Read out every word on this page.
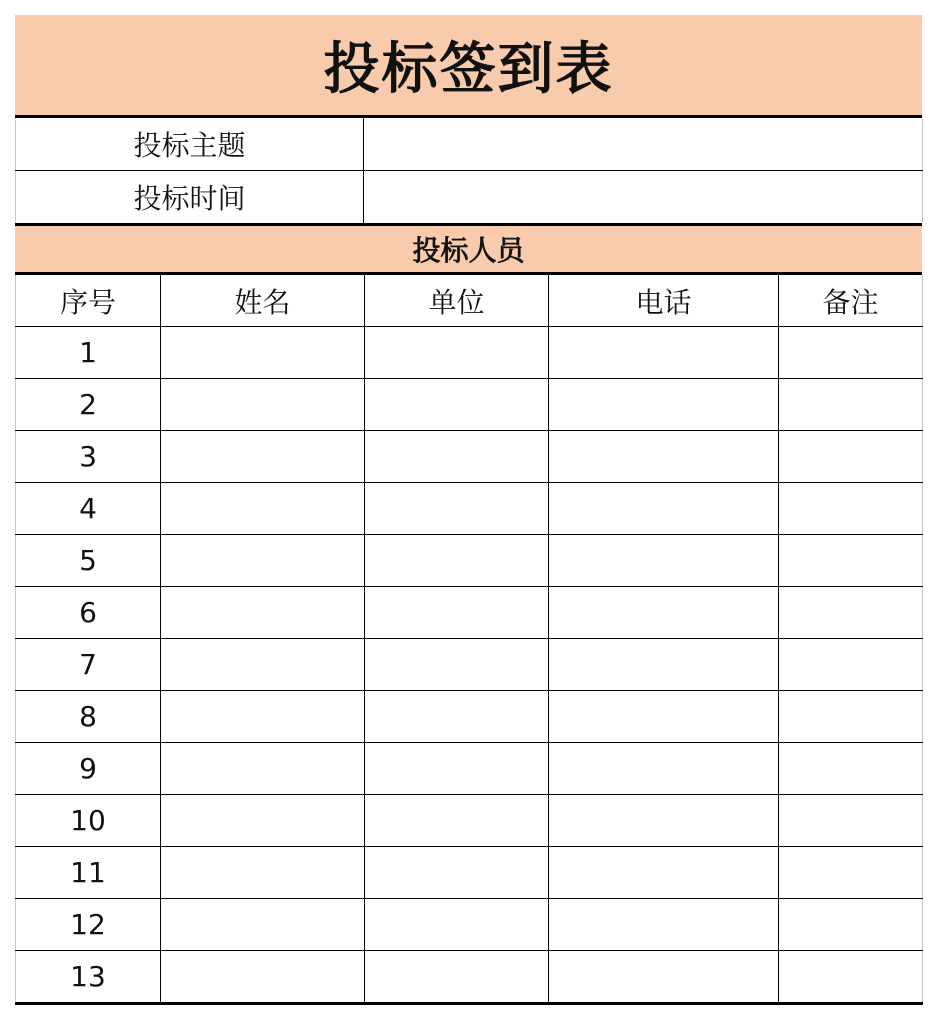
投标签到表
投标主题	
投标时间	
投标人员
序号	姓名	单位	电话	备注
1				
2				
3				
4				
5				
6				
7				
8				
9				
10				
11				
12				
13				
